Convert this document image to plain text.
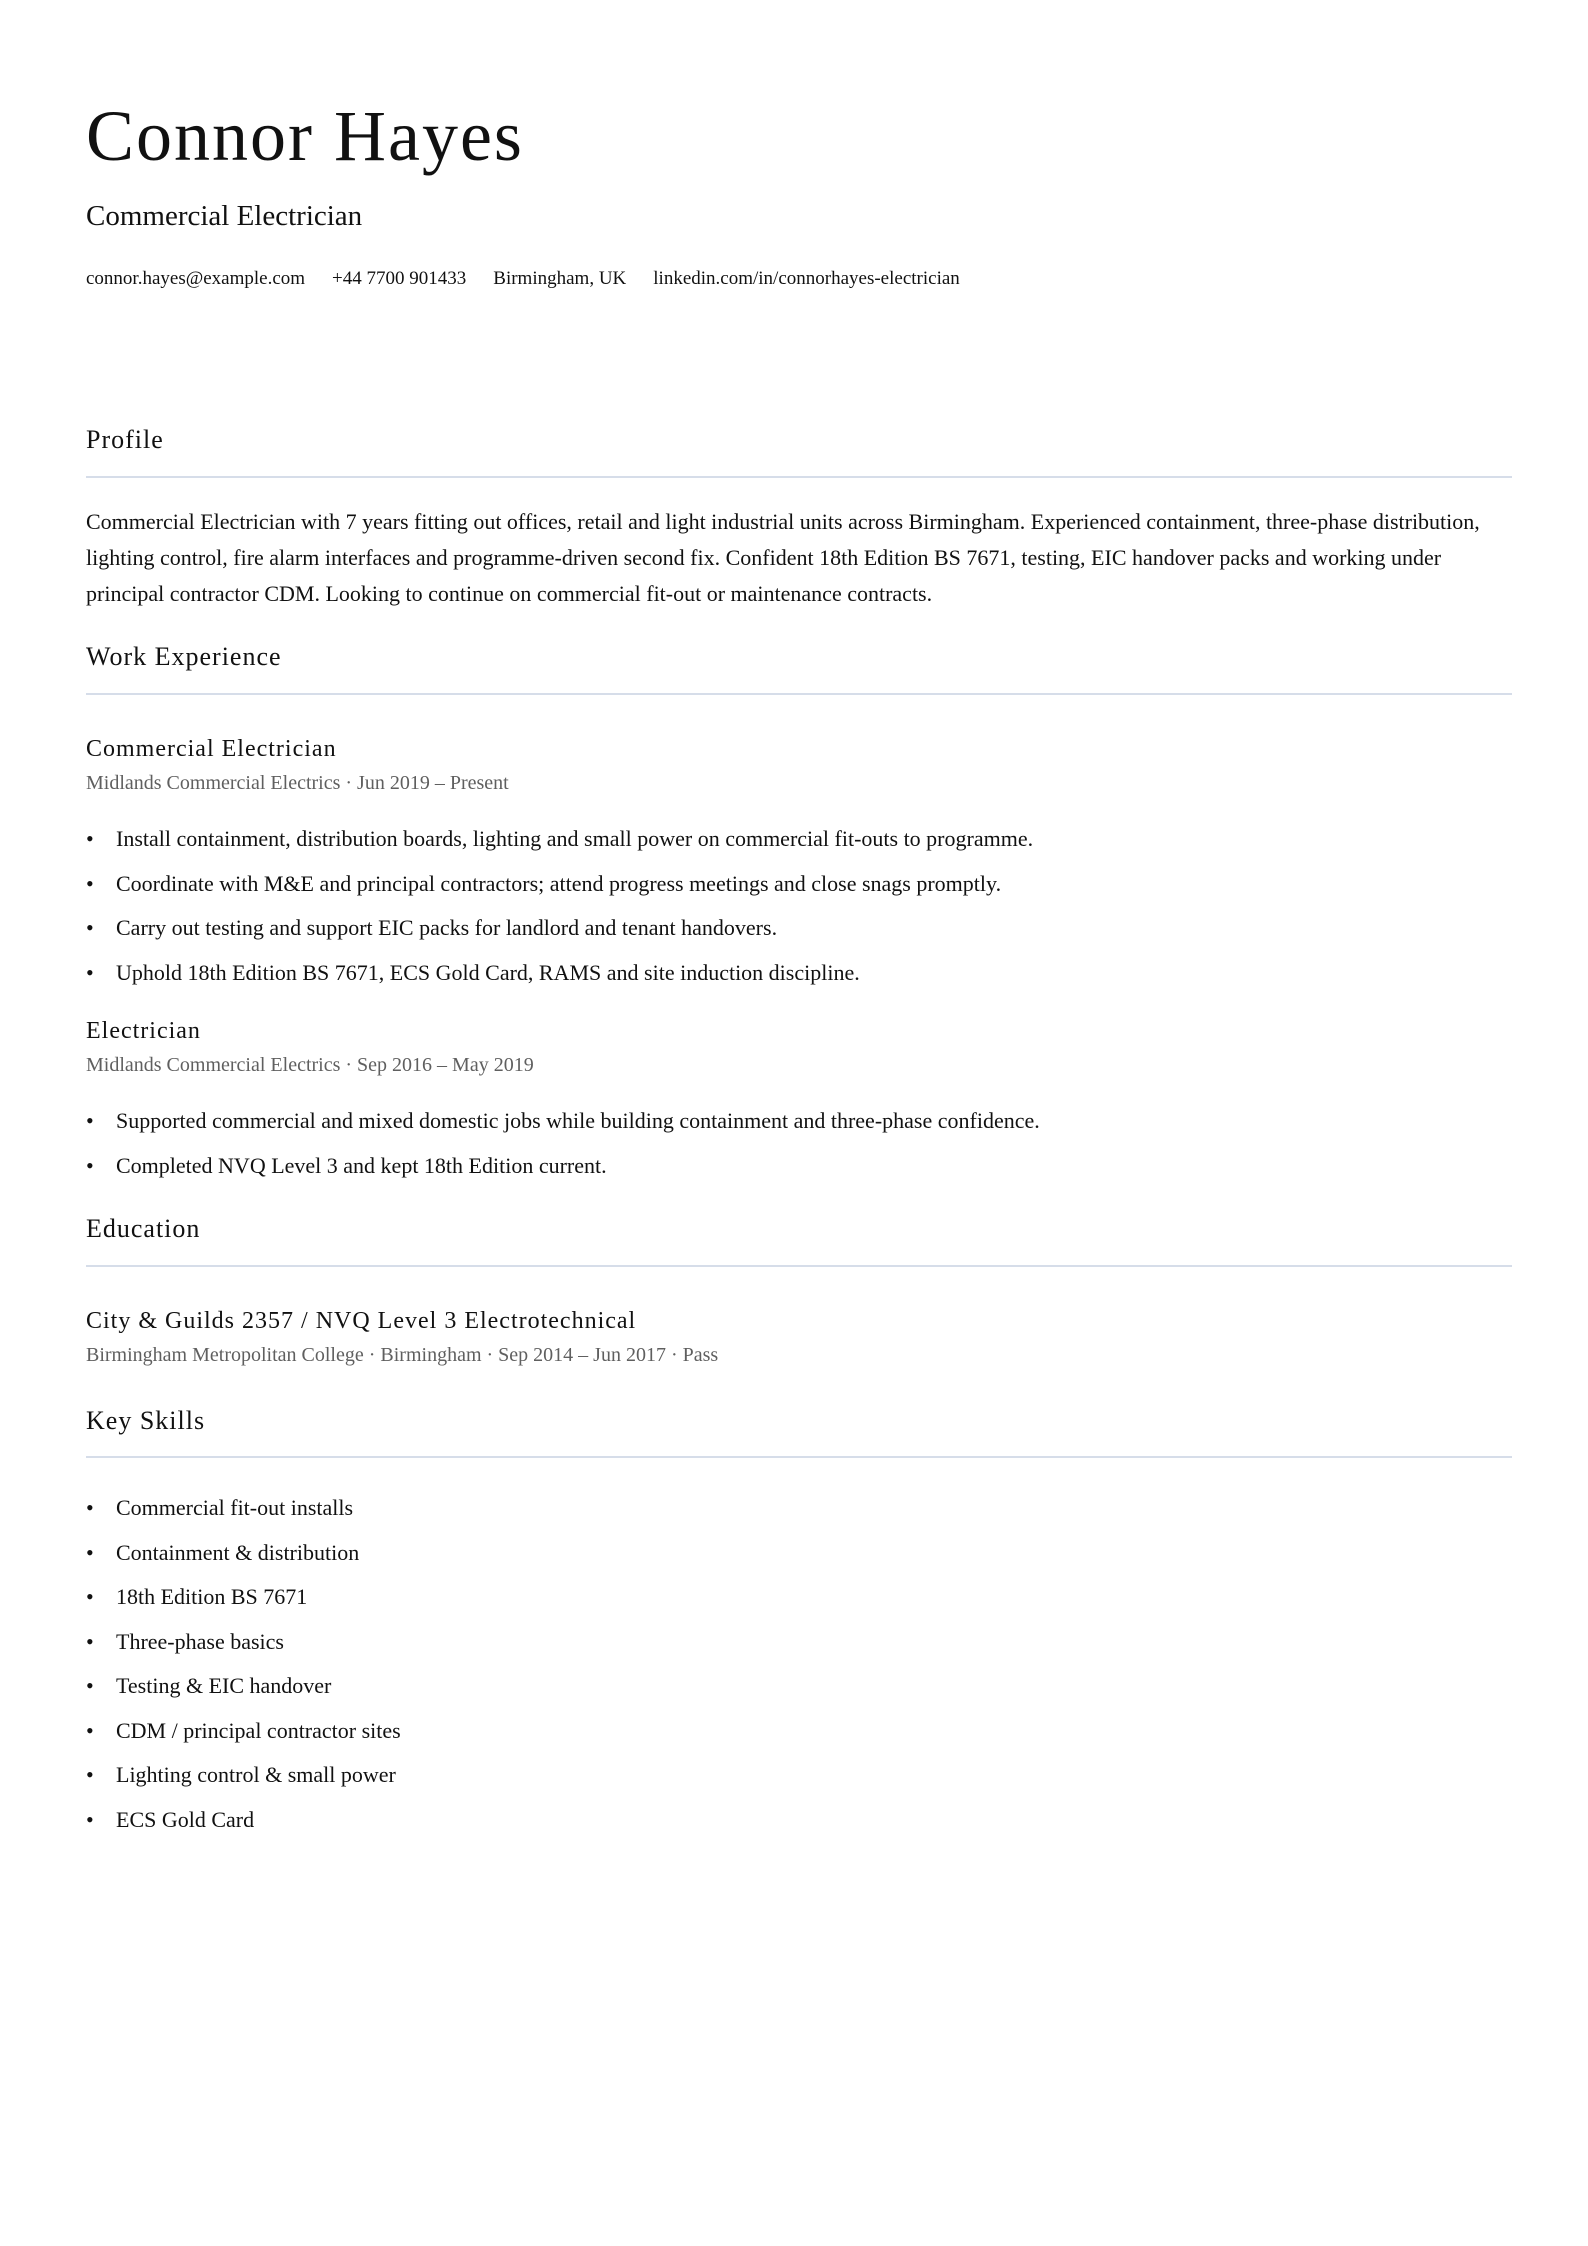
Connor Hayes
Commercial Electrician
connor.hayes@example.com +44 7700 901433 Birmingham, UK linkedin.com/in/connorhayes-electrician
Profile

Commercial Electrician with 7 years fitting out offices, retail and light industrial units across Birmingham. Experienced containment, three-phase distribution, lighting control, fire alarm interfaces and programme-driven second fix. Confident 18th Edition BS 7671, testing, EIC handover packs and working under principal contractor CDM. Looking to continue on commercial fit-out or maintenance contracts.

Work Experience
Commercial Electrician
Midlands Commercial Electrics · Jun 2019 – Present
• Install containment, distribution boards, lighting and small power on commercial fit-outs to programme.
• Coordinate with M&E and principal contractors; attend progress meetings and close snags promptly.
• Carry out testing and support EIC packs for landlord and tenant handovers.
• Uphold 18th Edition BS 7671, ECS Gold Card, RAMS and site induction discipline.
Electrician
Midlands Commercial Electrics · Sep 2016 – May 2019
• Supported commercial and mixed domestic jobs while building containment and three-phase confidence.
• Completed NVQ Level 3 and kept 18th Edition current.
Education
City & Guilds 2357 / NVQ Level 3 Electrotechnical
Birmingham Metropolitan College · Birmingham · Sep 2014 – Jun 2017 · Pass
Key Skills
• Commercial fit-out installs
• Containment & distribution
• 18th Edition BS 7671
• Three-phase basics
• Testing & EIC handover
• CDM / principal contractor sites
• Lighting control & small power
• ECS Gold Card
